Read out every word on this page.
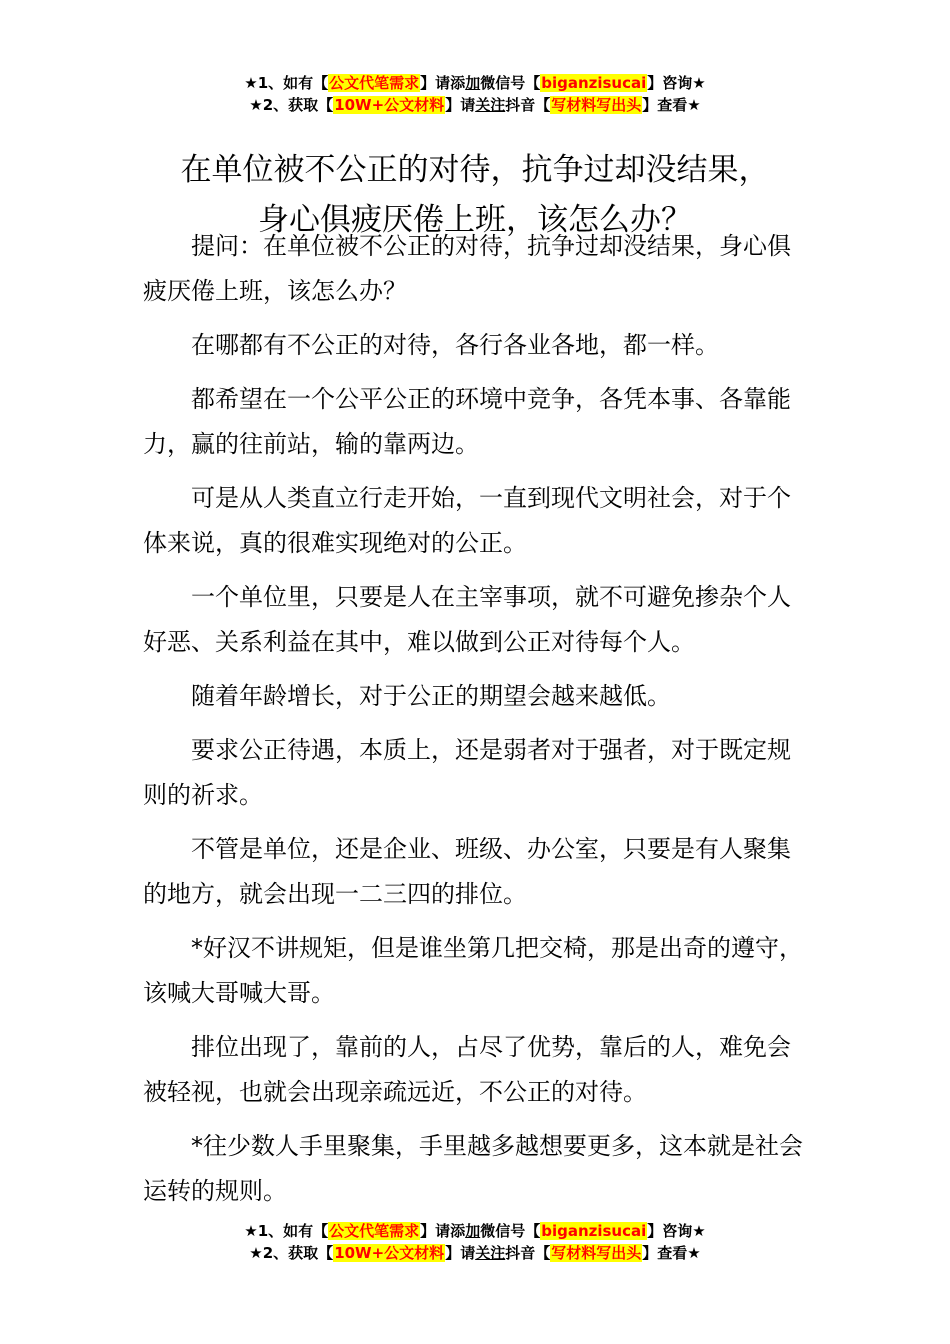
★1、如有【公文代笔需求】请添加微信号【biganzisucai】咨询★
★2、获取【10W+公文材料】请关注抖音【写材料写出头】查看★
在单位被不公正的对待，抗争过却没结果，
身心俱疲厌倦上班，该怎么办？

提问：在单位被不公正的对待，抗争过却没结果，身心俱疲厌倦上班，该怎么办？

在哪都有不公正的对待，各行各业各地，都一样。

都希望在一个公平公正的环境中竞争，各凭本事、各靠能力，赢的往前站，输的靠两边。

可是从人类直立行走开始，一直到现代文明社会，对于个体来说，真的很难实现绝对的公正。

一个单位里，只要是人在主宰事项，就不可避免掺杂个人好恶、关系利益在其中，难以做到公正对待每个人。

随着年龄增长，对于公正的期望会越来越低。

要求公正待遇，本质上，还是弱者对于强者，对于既定规则的祈求。

不管是单位，还是企业、班级、办公室，只要是有人聚集的地方，就会出现一二三四的排位。

*好汉不讲规矩，但是谁坐第几把交椅，那是出奇的遵守，该喊大哥喊大哥。

排位出现了，靠前的人，占尽了优势，靠后的人，难免会被轻视，也就会出现亲疏远近，不公正的对待。

*往少数人手里聚集，手里越多越想要更多，这本就是社会运转的规则。

★1、如有【公文代笔需求】请添加微信号【biganzisucai】咨询★
★2、获取【10W+公文材料】请关注抖音【写材料写出头】查看★
